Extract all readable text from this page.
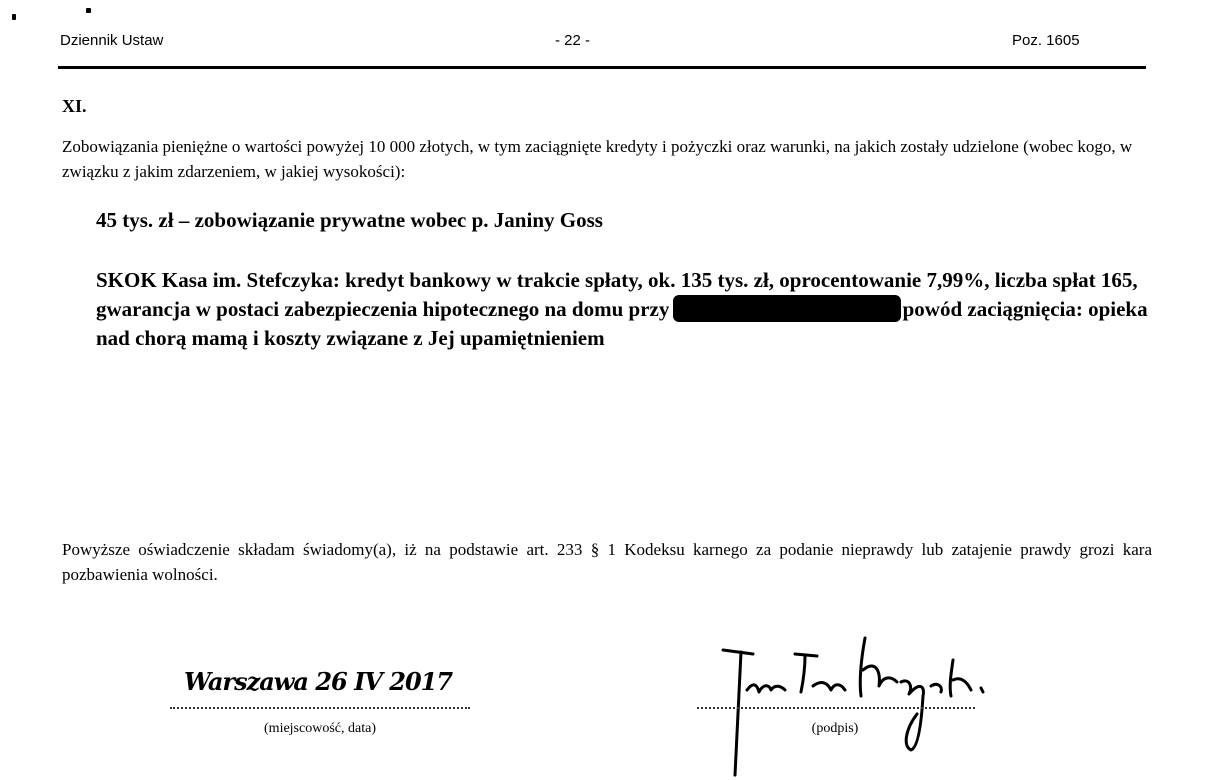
Dziennik Ustaw	- 22 -	Poz. 1605
XI.
Zobowiązania pieniężne o wartości powyżej 10 000 złotych, w tym zaciągnięte kredyty i pożyczki oraz warunki, na jakich zostały udzielone (wobec kogo, w związku z jakim zdarzeniem, w jakiej wysokości):
45 tys. zł – zobowiązanie prywatne wobec p. Janiny Goss
SKOK Kasa im. Stefczyka: kredyt bankowy w trakcie spłaty, ok. 135 tys. zł, oprocentowanie 7,99%, liczba spłat 165, gwarancja w postaci zabezpieczenia hipotecznego na domu przy	powód zaciągnięcia: opieka nad chorą mamą i koszty związane z Jej upamiętnieniem
Powyższe oświadczenie składam świadomy(a), iż na podstawie art. 233 § 1 Kodeksu karnego za podanie nieprawdy lub zatajenie prawdy grozi kara pozbawienia wolności.
Warszawa 26 IV 2017
(miejscowość, data)	(podpis)
